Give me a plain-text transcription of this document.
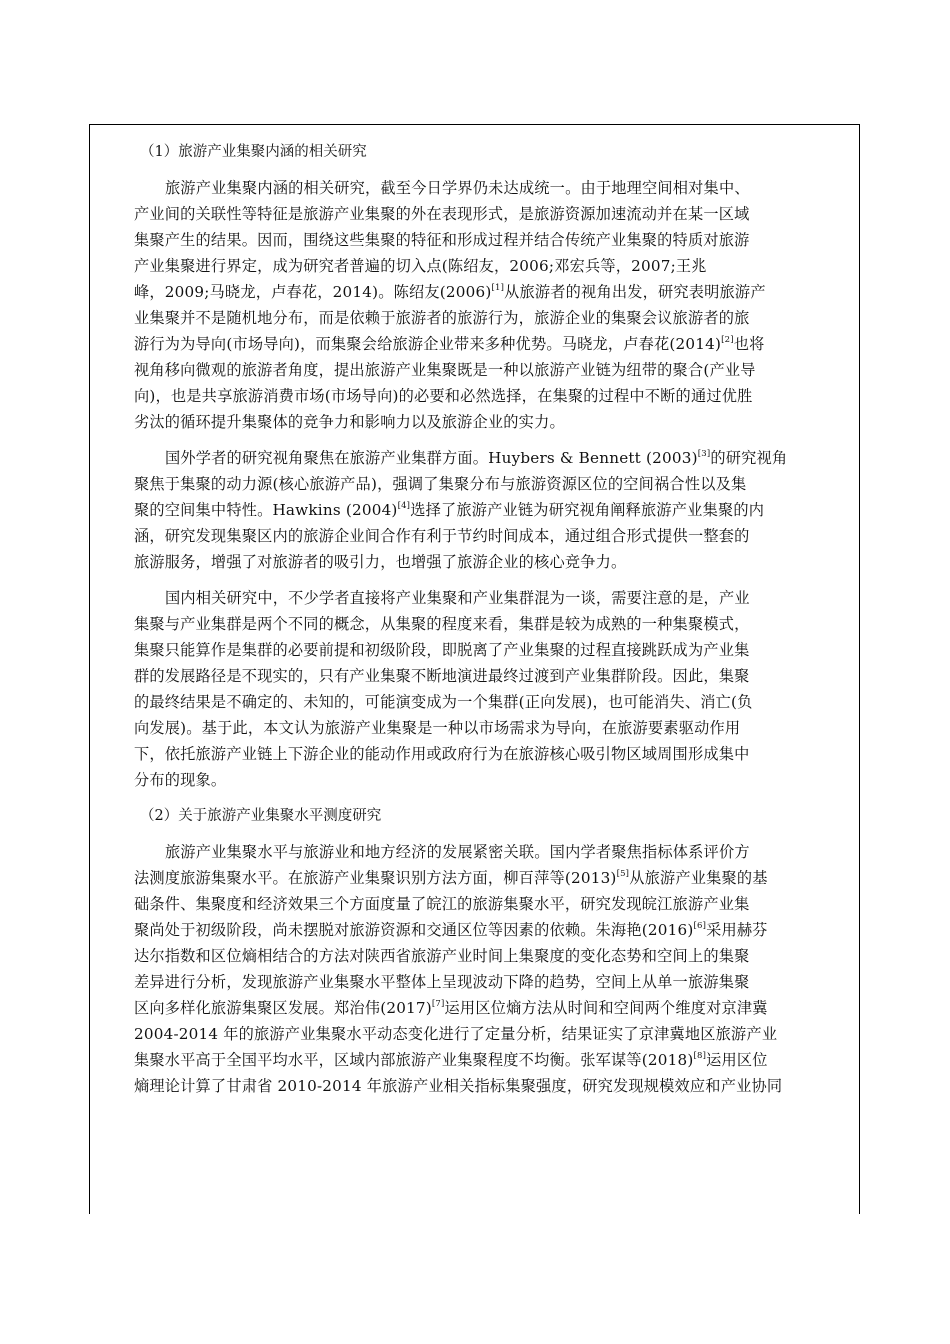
（1）旅游产业集聚内涵的相关研究
旅游产业集聚内涵的相关研究，截至今日学界仍未达成统一。由于地理空间相对集中、
产业间的关联性等特征是旅游产业集聚的外在表现形式，是旅游资源加速流动并在某一区域
集聚产生的结果。因而，围绕这些集聚的特征和形成过程并结合传统产业集聚的特质对旅游
产业集聚进行界定，成为研究者普遍的切入点(陈绍友，2006;邓宏兵等，2007;王兆
峰，2009;马晓龙，卢春花，2014)。陈绍友(2006)[1]从旅游者的视角出发，研究表明旅游产
业集聚并不是随机地分布，而是依赖于旅游者的旅游行为，旅游企业的集聚会议旅游者的旅
游行为为导向(市场导向)，而集聚会给旅游企业带来多种优势。马晓龙，卢春花(2014)[2]也将
视角移向微观的旅游者角度，提出旅游产业集聚既是一种以旅游产业链为纽带的聚合(产业导
向)，也是共享旅游消费市场(市场导向)的必要和必然选择，在集聚的过程中不断的通过优胜
劣汰的循环提升集聚体的竞争力和影响力以及旅游企业的实力。
国外学者的研究视角聚焦在旅游产业集群方面。Huybers & Bennett (2003)[3]的研究视角
聚焦于集聚的动力源(核心旅游产品)，强调了集聚分布与旅游资源区位的空间祸合性以及集
聚的空间集中特性。Hawkins (2004)[4]选择了旅游产业链为研究视角阐释旅游产业集聚的内
涵，研究发现集聚区内的旅游企业间合作有利于节约时间成本，通过组合形式提供一整套的
旅游服务，增强了对旅游者的吸引力，也增强了旅游企业的核心竞争力。
国内相关研究中，不少学者直接将产业集聚和产业集群混为一谈，需要注意的是，产业
集聚与产业集群是两个不同的概念，从集聚的程度来看，集群是较为成熟的一种集聚模式，
集聚只能算作是集群的必要前提和初级阶段，即脱离了产业集聚的过程直接跳跃成为产业集
群的发展路径是不现实的，只有产业集聚不断地演进最终过渡到产业集群阶段。因此，集聚
的最终结果是不确定的、未知的，可能演变成为一个集群(正向发展)，也可能消失、消亡(负
向发展)。基于此，本文认为旅游产业集聚是一种以市场需求为导向，在旅游要素驱动作用
下，依托旅游产业链上下游企业的能动作用或政府行为在旅游核心吸引物区域周围形成集中
分布的现象。
（2）关于旅游产业集聚水平测度研究
旅游产业集聚水平与旅游业和地方经济的发展紧密关联。国内学者聚焦指标体系评价方
法测度旅游集聚水平。在旅游产业集聚识别方法方面，柳百萍等(2013)[5]从旅游产业集聚的基
础条件、集聚度和经济效果三个方面度量了皖江的旅游集聚水平，研究发现皖江旅游产业集
聚尚处于初级阶段，尚未摆脱对旅游资源和交通区位等因素的依赖。朱海艳(2016)[6]采用赫芬
达尔指数和区位熵相结合的方法对陕西省旅游产业时间上集聚度的变化态势和空间上的集聚
差异进行分析，发现旅游产业集聚水平整体上呈现波动下降的趋势，空间上从单一旅游集聚
区向多样化旅游集聚区发展。郑治伟(2017)[7]运用区位熵方法从时间和空间两个维度对京津冀
2004-2014 年的旅游产业集聚水平动态变化进行了定量分析，结果证实了京津冀地区旅游产业
集聚水平高于全国平均水平，区域内部旅游产业集聚程度不均衡。张军谋等(2018)[8]运用区位
熵理论计算了甘肃省 2010-2014 年旅游产业相关指标集聚强度，研究发现规模效应和产业协同
